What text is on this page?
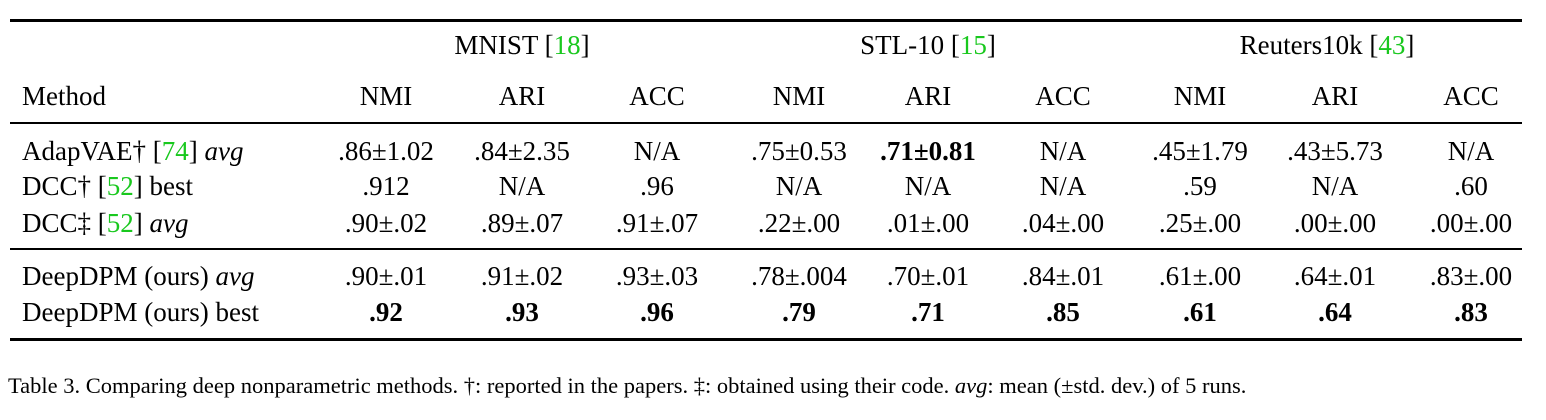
MNIST [18]	STL-10 [15]	Reuters10k [43]
Method	NMI	ARI	ACC	NMI	ARI	ACC	NMI	ARI	ACC
AdapVAE† [74] avg	.86±1.02 .84±2.35 N/A	.75±0.53 .71±0.81 N/A .45±1.79 .43±5.73 N/A
DCC† [52] best	.912	N/A	.96	N/A	N/A	N/A	.59	N/A	.60
DCC‡ [52] avg	.90±.02 .89±.07 .91±.07 .22±.00 .01±.00 .04±.00 .25±.00 .00±.00 .00±.00
DeepDPM (ours) avg	.90±.01 .91±.02 .93±.03 .78±.004 .70±.01 .84±.01 .61±.00 .64±.01 .83±.00
DeepDPM (ours) best	.92	.93	.96	.79	.71	.85	.61	.64	.83
Table 3. Comparing deep nonparametric methods. †: reported in the papers. ‡: obtained using their code. avg: mean (±std. dev.) of 5 runs.
